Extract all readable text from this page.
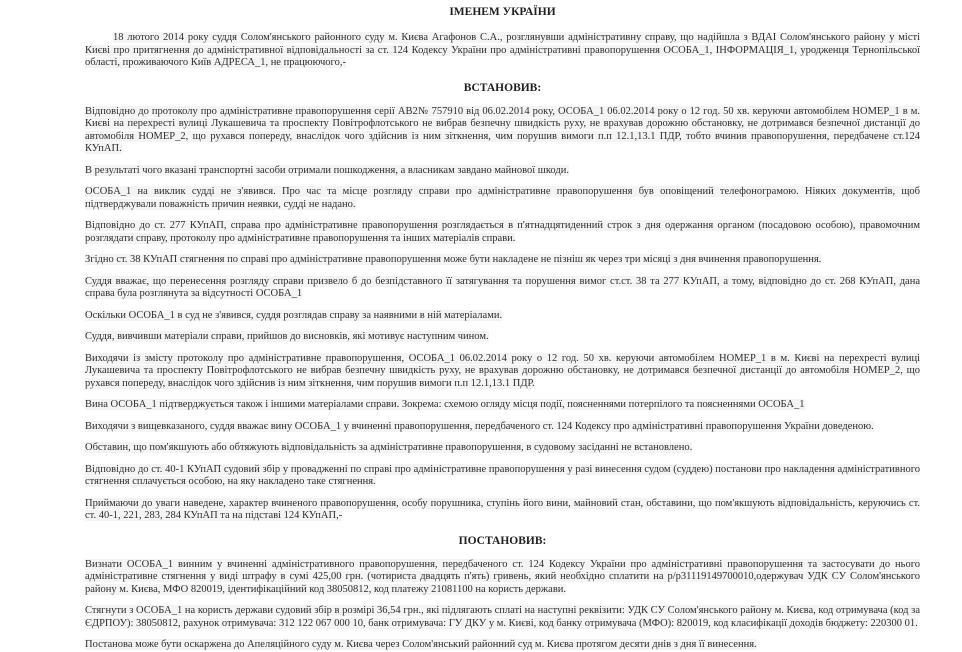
ІМЕНЕМ УКРАЇНИ

18 лютого 2014 року суддя Солом'янського районного суду м. Києва Агафонов С.А., розглянувши адміністративну справу, що надійшла з ВДАІ Солом'янського району у місті Києві про притягнення до адміністративної відповідальності за ст. 124 Кодексу України про адміністративні правопорушення ОСОБА_1, ІНФОРМАЦІЯ_1, уродженця Тернопільської області, проживаючого Київ АДРЕСА_1, не працюючого,-

ВСТАНОВИВ:

Відповідно до протоколу про адміністративне правопорушення серії АВ2№ 757910 від 06.02.2014 року, ОСОБА_1 06.02.2014 року о 12 год. 50 хв. керуючи автомобілем НОМЕР_1 в м. Києві на перехресті вулиці Лукашевича та проспекту Повітрофлотського не вибрав безпечну швидкість руху, не врахував дорожню обстановку, не дотримався безпечної дистанції до автомобіля НОМЕР_2, що рухався попереду, внаслідок чого здійснив із ним зіткнення, чим порушив вимоги п.п 12.1,13.1 ПДР, тобто вчинив правопорушення, передбачене ст.124 КУпАП.

В результаті чого вказані транспортні засоби отримали пошкодження, а власникам завдано майнової шкоди.

ОСОБА_1 на виклик судді не з'явився. Про час та місце розгляду справи про адміністративне правопорушення був оповіщений телефонограмою. Ніяких документів, щоб підтверджували поважність причин неявки, судді не надано.

Відповідно до ст. 277 КУпАП, справа про адміністративне правопорушення розглядається в п'ятнадцятиденний строк з дня одержання органом (посадовою особою), правомочним розглядати справу, протоколу про адміністративне правопорушення та інших матеріалів справи.

Згідно ст. 38 КУпАП стягнення по справі про адміністративне правопорушення може бути накладене не пізніш як через три місяці з дня вчинення правопорушення.

Суддя вважає, що перенесення розгляду справи призвело б до безпідставного її затягування та порушення вимог ст.ст. 38 та 277 КУпАП, а тому, відповідно до ст. 268 КУпАП, дана справа була розглянута за відсутності ОСОБА_1

Оскільки ОСОБА_1 в суд не з'явився, суддя розглядав справу за наявними в ній матеріалами.

Суддя, вивчивши матеріали справи, прийшов до висновків, які мотивує наступним чином.

Виходячи із змісту протоколу про адміністративне правопорушення, ОСОБА_1 06.02.2014 року о 12 год. 50 хв. керуючи автомобілем НОМЕР_1 в м. Києві на перехресті вулиці Лукашевича та проспекту Повітрофлотського не вибрав безпечну швидкість руху, не врахував дорожню обстановку, не дотримався безпечної дистанції до автомобіля НОМЕР_2, що рухався попереду, внаслідок чого здійснив із ним зіткнення, чим порушив вимоги п.п 12.1,13.1 ПДР.

Вина ОСОБА_1 підтверджується також і іншими матеріалами справи. Зокрема: схемою огляду місця події, поясненнями потерпілого та поясненнями ОСОБА_1

Виходячи з вищевказаного, суддя вважає вину ОСОБА_1 у вчиненні правопорушення, передбаченого ст. 124 Кодексу про адміністративні правопорушення України доведеною.

Обставин, що пом'якшують або обтяжують відповідальність за адміністративне правопорушення, в судовому засіданні не встановлено.

Відповідно до ст. 40-1 КУпАП судовий збір у провадженні по справі про адміністративне правопорушення у разі винесення судом (суддею) постанови про накладення адміністративного стягнення сплачується особою, на яку накладено таке стягнення.

Приймаючи до уваги наведене, характер вчиненого правопорушення, особу порушника, ступінь його вини, майновий стан, обставини, що пом'якшують відповідальність, керуючись ст. ст. 40-1, 221, 283, 284 КУпАП та на підставі 124 КУпАП,-

ПОСТАНОВИВ:

Визнати ОСОБА_1 винним у вчиненні адміністративного правопорушення, передбаченого ст. 124 Кодексу України про адміністративні правопорушення та застосувати до нього адміністративне стягнення у виді штрафу в сумі 425,00 грн. (чотириста двадцять п'ять) гривень, який необхідно сплатити на р/р31119149700010,одержувач УДК СУ Солом'янського району м. Києва, МФО 820019, ідентифікаційний код 38050812, код платежу 21081100 на користь держави.

Стягнути з ОСОБА_1 на користь держави судовий збір в розмірі 36,54 грн., які підлягають сплаті на наступні реквізити: УДК СУ Солом'янського району м. Києва, код отримувача (код за ЄДРПОУ): 38050812, рахунок отримувача: 312 122 067 000 10, банк отримувача: ГУ ДКУ у м. Києві, код банку отримувача (МФО): 820019, код класифікації доходів бюджету: 220300 01.

Постанова може бути оскаржена до Апеляційного суду м. Києва через Солом'янський районний суд м. Києва протягом десяти днів з дня її винесення.
